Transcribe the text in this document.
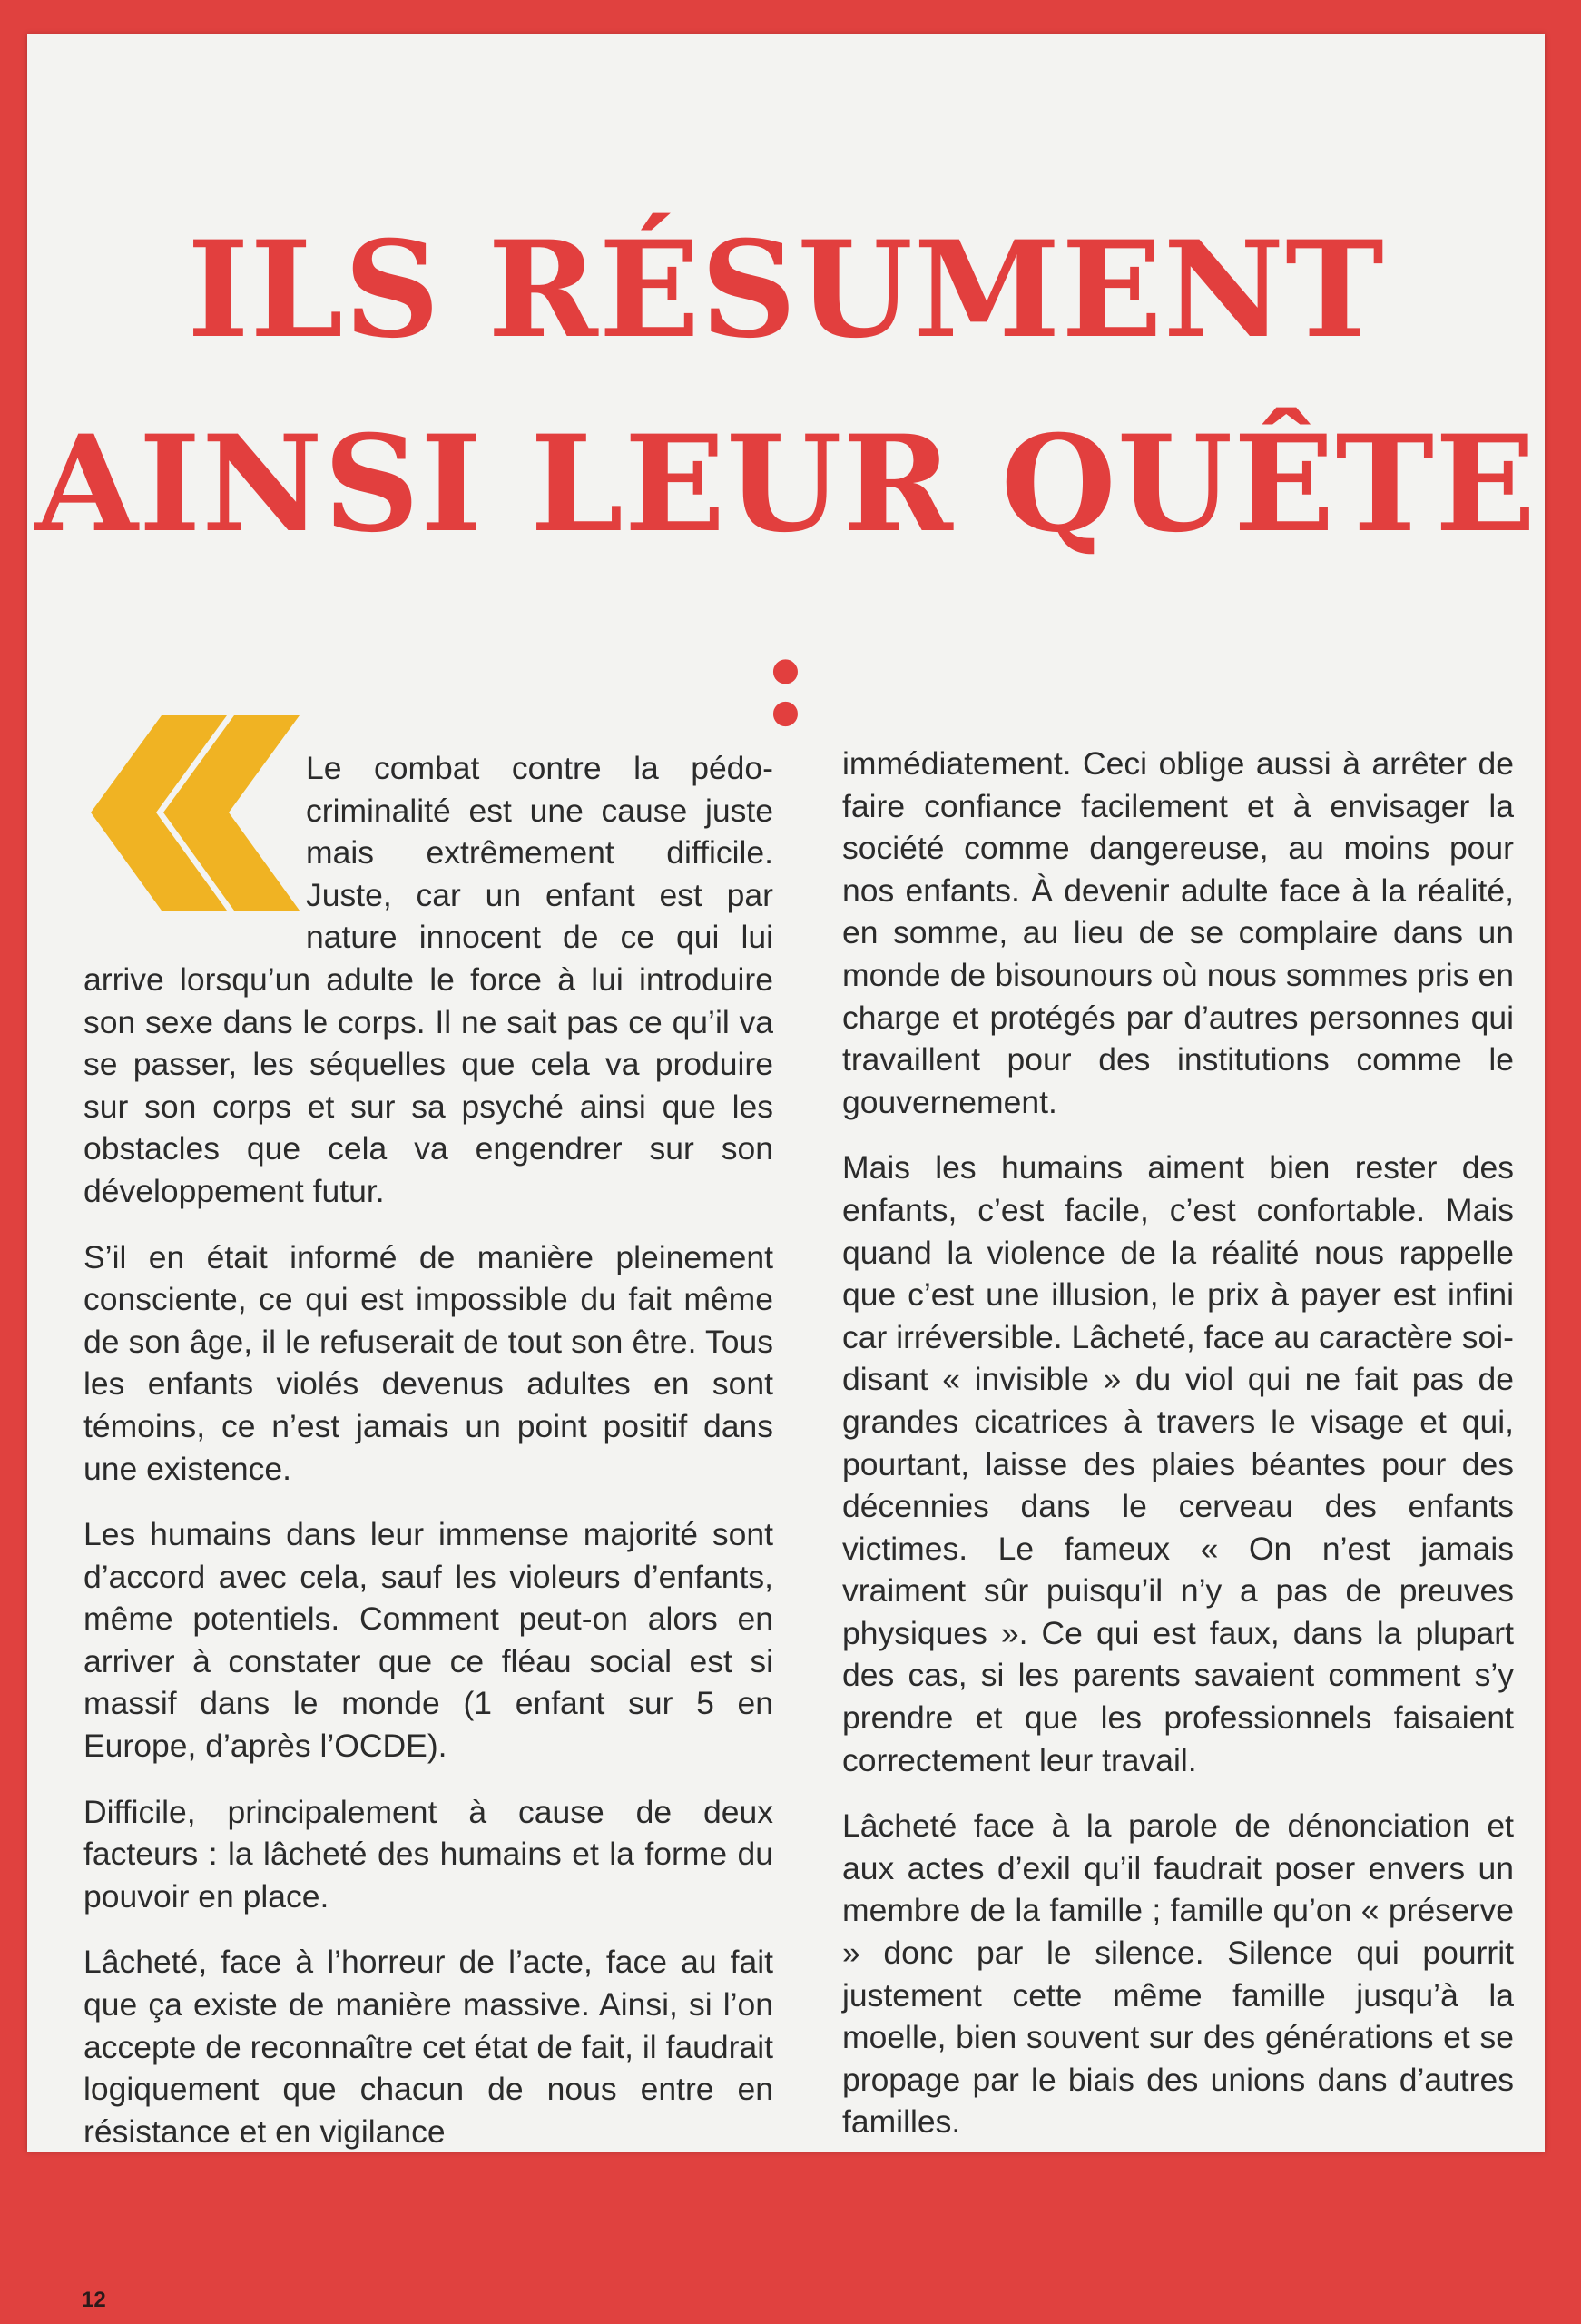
ILS RÉSUMENT
AINSI LEUR QUÊTE :

Le combat contre la pédo-criminalité est une cause juste mais extrêmement difficile. Juste, car un enfant est par nature innocent de ce qui lui arrive lorsqu’un adulte le force à lui introduire son sexe dans le corps. Il ne sait pas ce qu’il va se passer, les séquelles que cela va produire sur son corps et sur sa psyché ainsi que les obstacles que cela va engendrer sur son développement futur.

S’il en était informé de manière pleinement consciente, ce qui est impossible du fait même de son âge, il le refuserait de tout son être. Tous les enfants violés devenus adultes en sont témoins, ce n’est jamais un point positif dans une existence.

Les humains dans leur immense majorité sont d’accord avec cela, sauf les violeurs d’enfants, même potentiels. Comment peut-on alors en arriver à constater que ce fléau social est si massif dans le monde (1 enfant sur 5 en Europe, d’après l’OCDE).

Difficile, principalement à cause de deux facteurs : la lâcheté des humains et la forme du pouvoir en place.

Lâcheté, face à l’horreur de l’acte, face au fait que ça existe de manière massive. Ainsi, si l’on accepte de reconnaître cet état de fait, il faudrait logiquement que chacun de nous entre en résistance et en vigilance

immédiatement. Ceci oblige aussi à arrêter de faire confiance facilement et à envisager la société comme dangereuse, au moins pour nos enfants. À devenir adulte face à la réalité, en somme, au lieu de se complaire dans un monde de bisounours où nous sommes pris en charge et protégés par d’autres personnes qui travaillent pour des institutions comme le gouvernement.

Mais les humains aiment bien rester des enfants, c’est facile, c’est confortable. Mais quand la violence de la réalité nous rappelle que c’est une illusion, le prix à payer est infini car irréversible. Lâcheté, face au caractère soi-disant « invisible » du viol qui ne fait pas de grandes cicatrices à travers le visage et qui, pourtant, laisse des plaies béantes pour des décennies dans le cerveau des enfants victimes. Le fameux « On n’est jamais vraiment sûr puisqu’il n’y a pas de preuves physiques ». Ce qui est faux, dans la plupart des cas, si les parents savaient comment s’y prendre et que les professionnels faisaient correctement leur travail.

Lâcheté face à la parole de dénonciation et aux actes d’exil qu’il faudrait poser envers un membre de la famille ; famille qu’on « préserve » donc par le silence. Silence qui pourrit justement cette même famille jusqu’à la moelle, bien souvent sur des générations et se propage par le biais des unions dans d’autres familles.

12
